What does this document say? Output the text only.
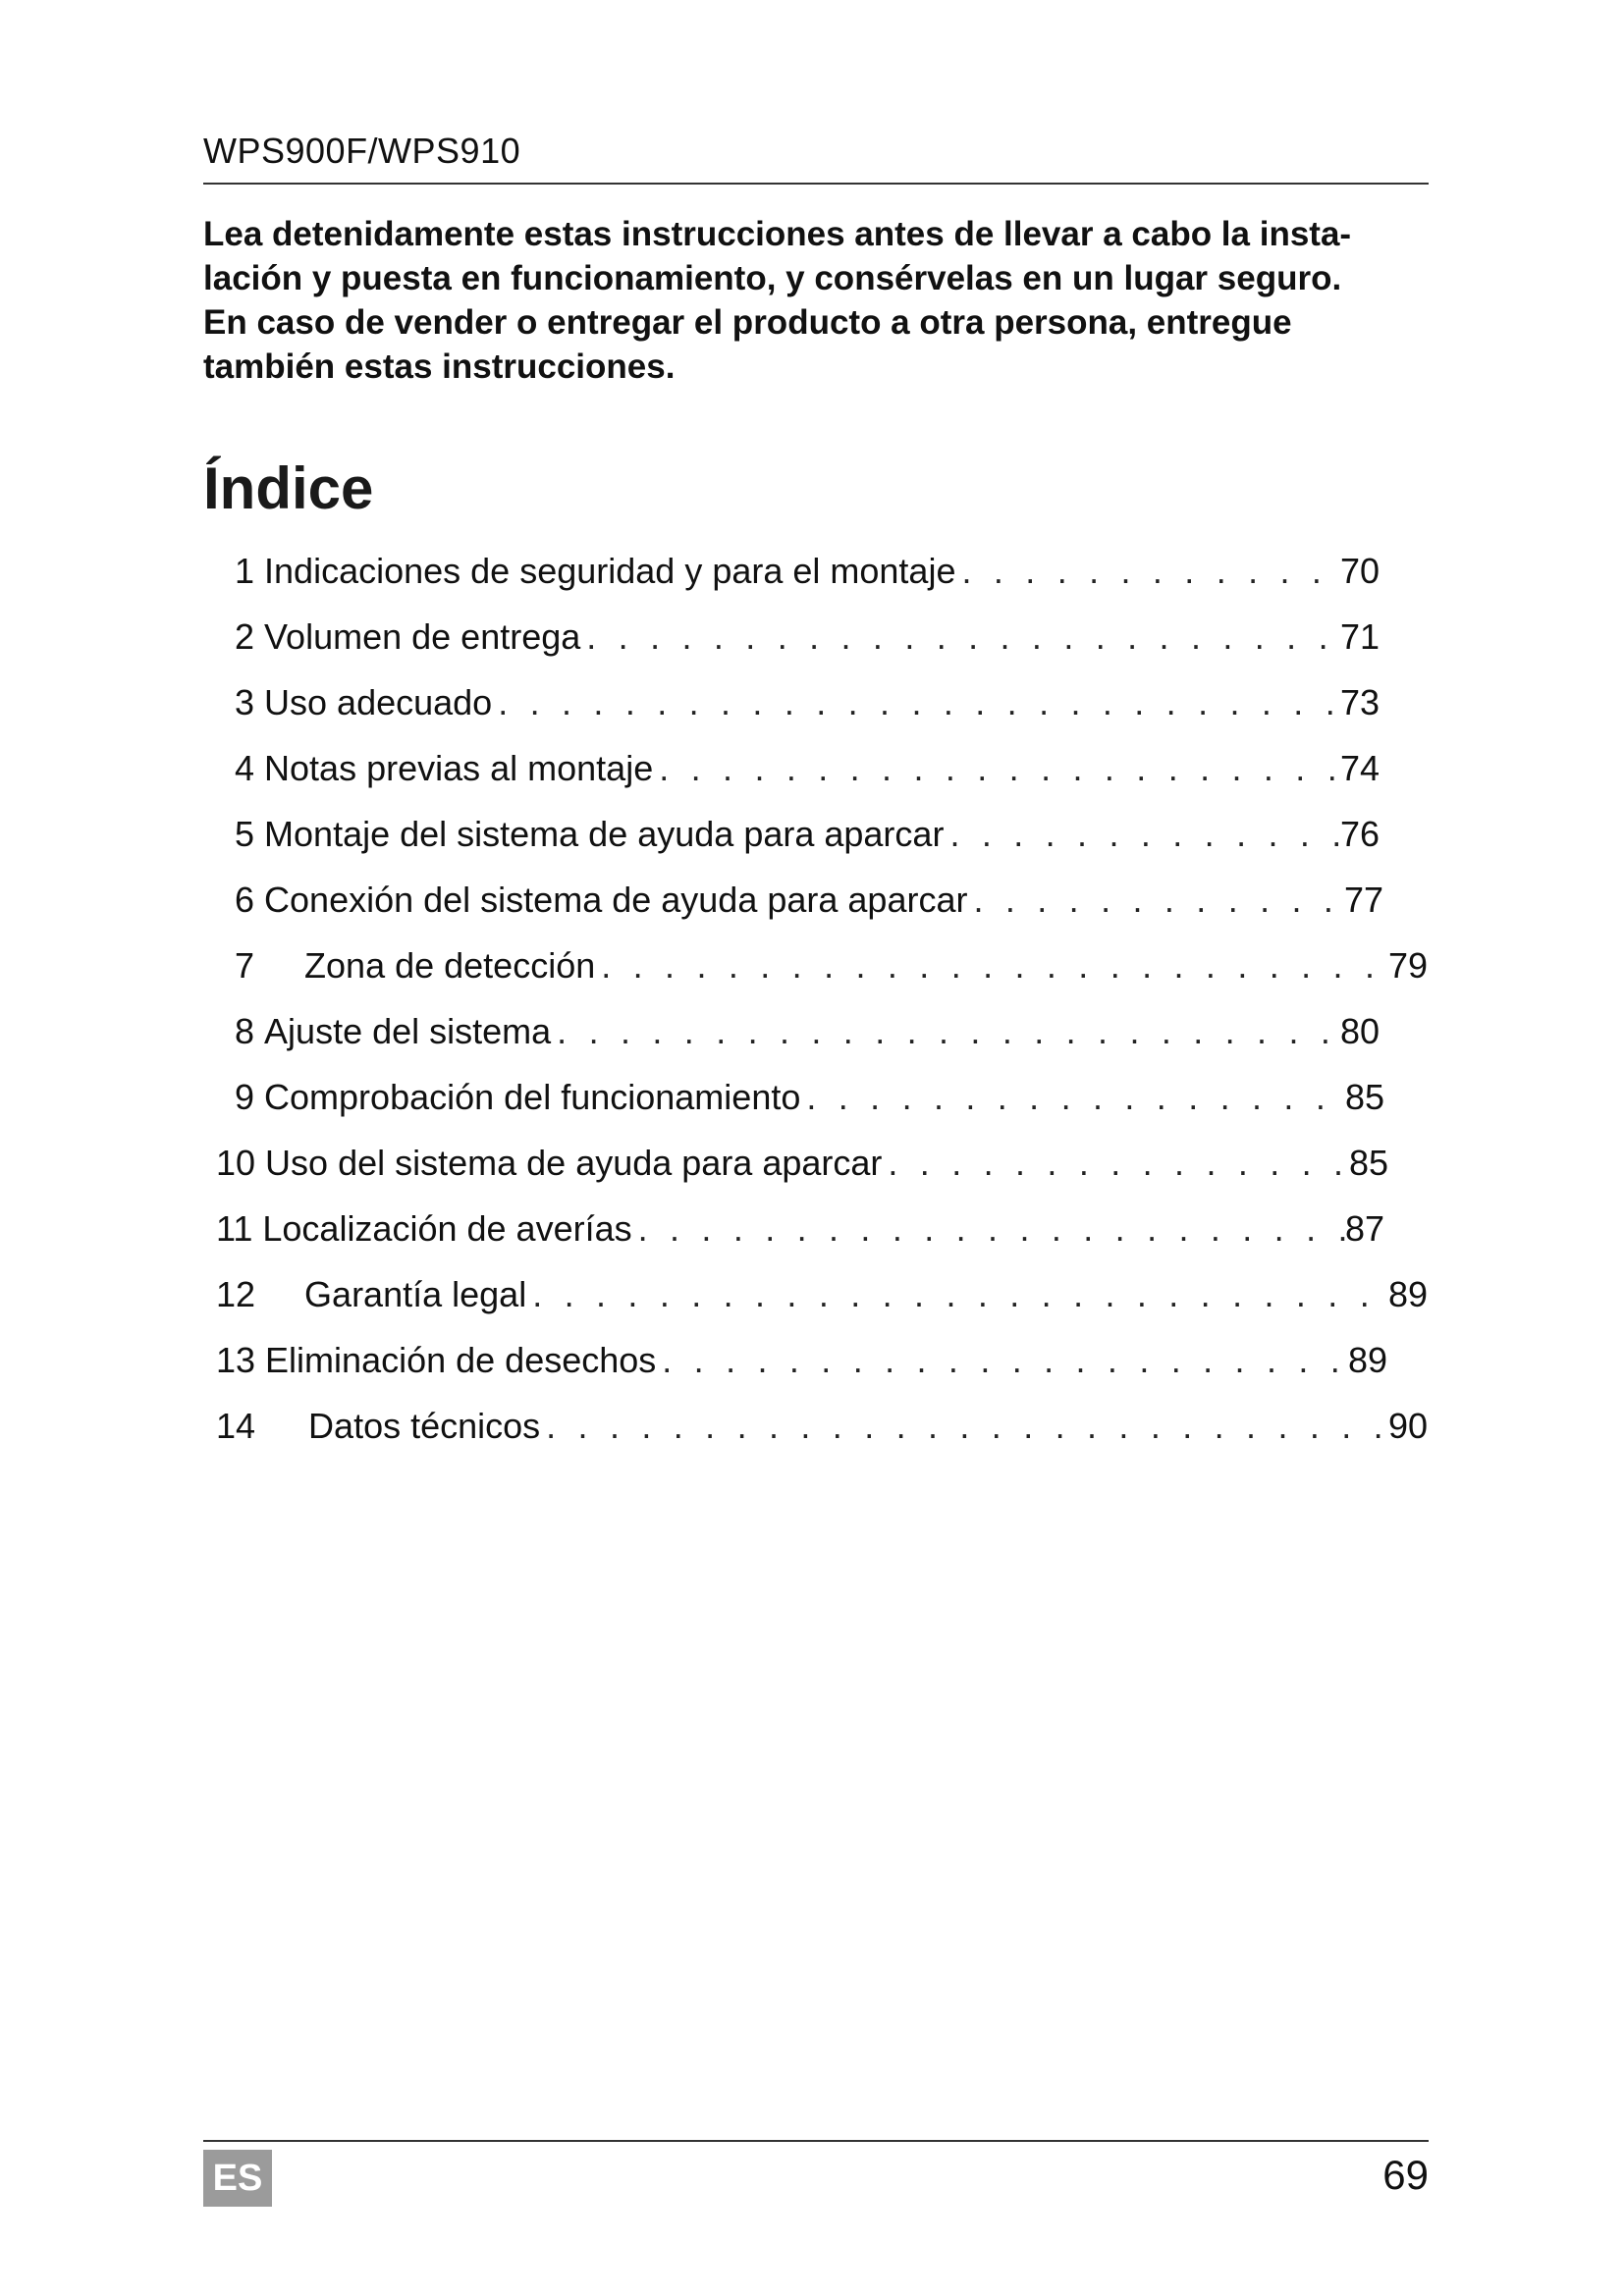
WPS900F/WPS910
Lea detenidamente estas instrucciones antes de llevar a cabo la insta-
lación y puesta en funcionamiento, y consérvelas en un lugar seguro.
En caso de vender o entregar el producto a otra persona, entregue
también estas instrucciones.
Índice
1 Indicaciones de seguridad y para el montaje . . .	70
2 Volumen de entrega . . .	71
3 Uso adecuado . . .	73
4 Notas previas al montaje . . .	74
5 Montaje del sistema de ayuda para aparcar . . .	76
6 Conexión del sistema de ayuda para aparcar . . .	77
7 Zona de detección . . .	79
8 Ajuste del sistema . . .	80
9 Comprobación del funcionamiento . . .	85
10 Uso del sistema de ayuda para aparcar . . .	85
11 Localización de averías . . .	87
12 Garantía legal . . .	89
13 Eliminación de desechos . . .	89
14 Datos técnicos . . .	90
ES	69
